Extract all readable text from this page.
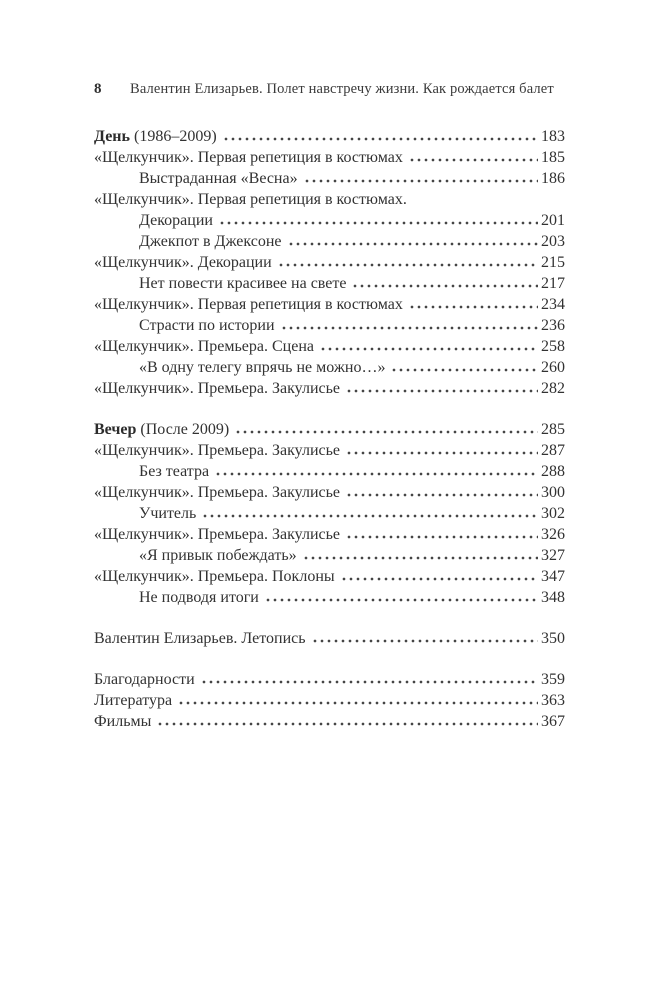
8	Валентин Елизарьев. Полет навстречу жизни. Как рождается балет
День (1986–2009)	183
«Щелкунчик». Первая репетиция в костюмах	185
Выстраданная «Весна»	186
«Щелкунчик». Первая репетиция в костюмах.
Декорации	201
Джекпот в Джексоне	203
«Щелкунчик». Декорации	215
Нет повести красивее на свете	217
«Щелкунчик». Первая репетиция в костюмах	234
Страсти по истории	236
«Щелкунчик». Премьера. Сцена	258
«В одну телегу впрячь не можно…»	260
«Щелкунчик». Премьера. Закулисье	282
Вечер (После 2009)	285
«Щелкунчик». Премьера. Закулисье	287
Без театра	288
«Щелкунчик». Премьера. Закулисье	300
Учитель	302
«Щелкунчик». Премьера. Закулисье	326
«Я привык побеждать»	327
«Щелкунчик». Премьера. Поклоны	347
Не подводя итоги	348
Валентин Елизарьев. Летопись	350
Благодарности	359
Литература	363
Фильмы	367
